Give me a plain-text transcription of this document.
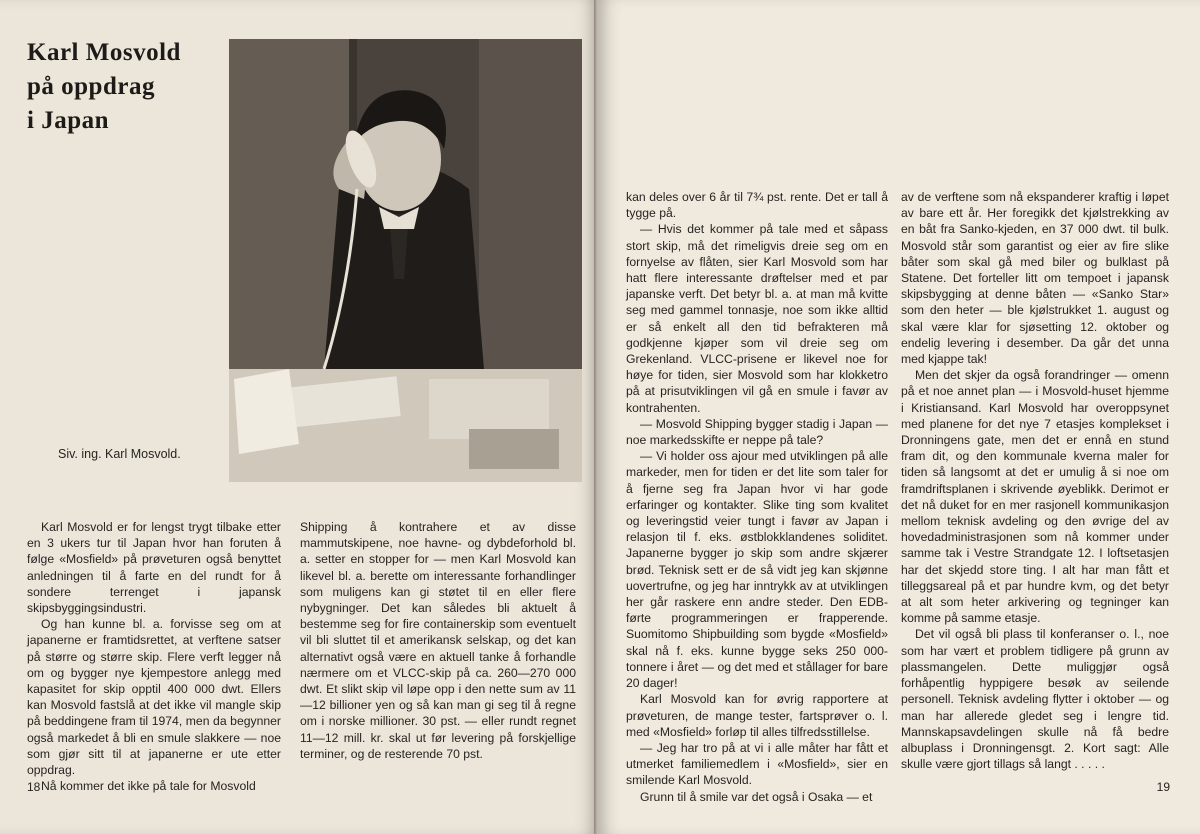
Karl Mosvold
på oppdrag
i Japan
Siv. ing. Karl Mosvold.

Karl Mosvold er for lengst trygt tilbake etter en 3 ukers tur til Japan hvor han foruten å følge «Mosfield» på prøveturen også benyttet anledningen til å farte en del rundt for å sondere terrenget i japansk skipsbyggingsindustri.

Og han kunne bl. a. forvisse seg om at japanerne er framtidsrettet, at verftene satser på større og større skip. Flere verft legger nå om og bygger nye kjempestore anlegg med kapasitet for skip opptil 400 000 dwt. Ellers kan Mosvold fastslå at det ikke vil mangle skip på beddingene fram til 1974, men da begynner også markedet å bli en smule slakkere — noe som gjør sitt til at japanerne er ute etter oppdrag.

Nå kommer det ikke på tale for Mosvold

Shipping å kontrahere et av disse mammutskipene, noe havne- og dybdeforhold bl. a. setter en stopper for — men Karl Mosvold kan likevel bl. a. berette om interessante forhandlinger som muligens kan gi støtet til en eller flere nybygninger. Det kan således bli aktuelt å bestemme seg for fire containerskip som eventuelt vil bli sluttet til et amerikansk selskap, og det kan alternativt også være en aktuell tanke å forhandle nærmere om et VLCC-skip på ca. 260—270 000 dwt. Et slikt skip vil løpe opp i den nette sum av 11—12 billioner yen og så kan man gi seg til å regne om i norske millioner. 30 pst. — eller rundt regnet 11—12 mill. kr. skal ut før levering på forskjellige terminer, og de resterende 70 pst.

18

kan deles over 6 år til 7¾ pst. rente. Det er tall å tygge på.

— Hvis det kommer på tale med et såpass stort skip, må det rimeligvis dreie seg om en fornyelse av flåten, sier Karl Mosvold som har hatt flere interessante drøftelser med et par japanske verft. Det betyr bl. a. at man må kvitte seg med gammel tonnasje, noe som ikke alltid er så enkelt all den tid befrakteren må godkjenne kjøper som vil dreie seg om Grekenland. VLCC-prisene er likevel noe for høye for tiden, sier Mosvold som har klokketro på at prisutviklingen vil gå en smule i favør av kontrahenten.

— Mosvold Shipping bygger stadig i Japan — noe markedsskifte er neppe på tale?

— Vi holder oss ajour med utviklingen på alle markeder, men for tiden er det lite som taler for å fjerne seg fra Japan hvor vi har gode erfaringer og kontakter. Slike ting som kvalitet og leveringstid veier tungt i favør av Japan i relasjon til f. eks. østblokklandenes soliditet. Japanerne bygger jo skip som andre skjærer brød. Teknisk sett er de så vidt jeg kan skjønne uovertrufne, og jeg har inntrykk av at utviklingen her går raskere enn andre steder. Den EDB-førte programmeringen er frapperende. Suomitomo Shipbuilding som bygde «Mosfield» skal nå f. eks. kunne bygge seks 250 000-tonnere i året — og det med et stållager for bare 20 dager!

Karl Mosvold kan for øvrig rapportere at prøveturen, de mange tester, fartsprøver o. l. med «Mosfield» forløp til alles tilfredsstillelse.

— Jeg har tro på at vi i alle måter har fått et utmerket familiemedlem i «Mosfield», sier en smilende Karl Mosvold.

Grunn til å smile var det også i Osaka — et

av de verftene som nå ekspanderer kraftig i løpet av bare ett år. Her foregikk det kjølstrekking av en båt fra Sanko-kjeden, en 37 000 dwt. til bulk. Mosvold står som garantist og eier av fire slike båter som skal gå med biler og bulklast på Statene. Det forteller litt om tempoet i japansk skipsbygging at denne båten — «Sanko Star» som den heter — ble kjølstrukket 1. august og skal være klar for sjøsetting 12. oktober og endelig levering i desember. Da går det unna med kjappe tak!

Men det skjer da også forandringer — omenn på et noe annet plan — i Mosvold-huset hjemme i Kristiansand. Karl Mosvold har overoppsynet med planene for det nye 7 etasjes komplekset i Dronningens gate, men det er ennå en stund fram dit, og den kommunale kverna maler for tiden så langsomt at det er umulig å si noe om framdriftsplanen i skrivende øyeblikk. Derimot er det nå duket for en mer rasjonell kommunikasjon mellom teknisk avdeling og den øvrige del av hovedadministrasjonen som nå kommer under samme tak i Vestre Strandgate 12. I loftsetasjen har det skjedd store ting. I alt har man fått et tilleggsareal på et par hundre kvm, og det betyr at alt som heter arkivering og tegninger kan komme på samme etasje.

Det vil også bli plass til konferanser o. l., noe som har vært et problem tidligere på grunn av plassmangelen. Dette muliggjør også forhåpentlig hyppigere besøk av seilende personell. Teknisk avdeling flytter i oktober — og man har allerede gledet seg i lengre tid. Mannskapsavdelingen skulle nå få bedre albuplass i Dronningensgt. 2. Kort sagt: Alle skulle være gjort tillags så langt . . . . .

19
